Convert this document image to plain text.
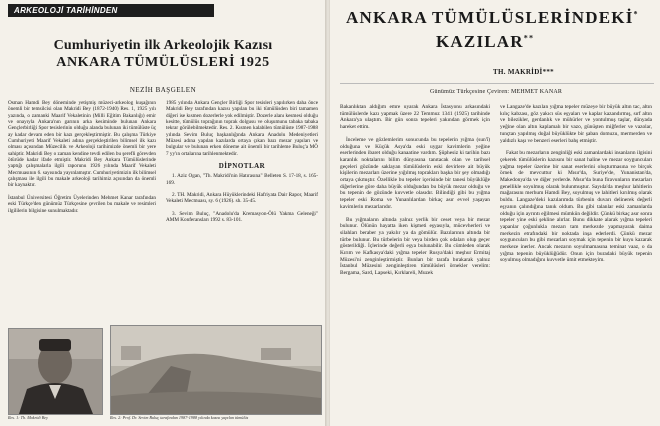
ARKEOLOJİ TARİHİNDEN
Cumhuriyetin ilk Arkeolojik Kazısı
ANKARA TÜMÜLÜSLERİ 1925
NEZİH BAŞGELEN

Osman Hamdi Bey döneminde yetişmiş müzeci-arkeolog kuşağının önemli bir temsilcisi olan Makridi Bey (1872-1940) Res. 1, 1925 yılı yazında, o zamanki Maarif Vekaletinin (Milli Eğitim Bakanlığı) emir ve onayıyla Ankara'nın garının arka kesiminde bulunan Ankara Gençlerbirliği Spor tesislerinin olduğu alanda bulunan iki tümülüste üç ay kadar devam eden bir kazı gerçekleştirmiştir. Bu çalışma Türkiye Cumhuriyeti Maarif Vekaleti adına gerçekleştirilen bilimsel ilk kazı olması açısından Müzecilik ve Arkeoloji tarihimizde önemli bir yere sahiptir. Makridi Bey o zaman kendine tevdi edilen bu şerefli görevden ötürüde kadar ifade etmiştir. Makridi Bey Ankara Tümülüslerinde yaptığı çalışmalarla ilgili raporunu 1926 yılında Maarif Vekaleti Mecmuasının 6. sayısında yayınlamıştır. Cumhuriyetimizin ilk bilimsel çalışması ile ilgili bu makale arkeoloji tarihimiz açısından da önemli bir kaynaktır.

İstanbul Üniversitesi Öğretim Üyelerinden Mehmet Kanar tarafından eski Türkçe'den günümüz Türkçesine çevrilen bu makale ve resimleri ilgililerin bilgisine sunulmaktadır.

1985 yılında Ankara Gençler Birliği Spor tesisleri yapılırken daha önce Makridi Bey tarafından kazısı yapılan bu iki tümülüsden biri tamamen diğeri ise kısmen dozerlerle yok edilmiştir. Dozerle alanı kesmesi olduğu kesitte, tümülüs toprağının toprak dolgusu ve oluşumunu tabaka tabaka tekrar görülebilmektedir. Res. 2. Kısmen kalabilen tümülüste 1987-1988 yılında Sevim Buluç başkanlığında Ankara Anadolu Medeniyetleri Müzesi adına yapılan kazılarda ortaya çıkan bazı mezar yapıları ve bulgular ve bulunan erken döneme ait önemli bir tarihleme Buluç'a MÖ 7 yy'ın ortalarına tarihlenmektedir.

DİPNOTLAR

1. Aziz Ogan, "Th. Makridi'nin Hatırasına" Belleten S. 17-18, s. 165-169.

2. TH. Makridi, Ankara Hüyüklerindeki Hafriyata Dair Rapor, Maarif Vekaleti Mecmuası, sy. 6 (1926). sh. 35-45.

3. Sevim Buluç, "Anadolu'da Kremasyon-Ölü Yakma Geleneği" AMM Konferansları 1992 s. 83-101.

Res. 1: Th. Makridi Bey	Res. 2: Prof. Dr. Sevim Buluç tarafından 1987-1988 yılında kazısı yapılan tümülüs
ANKARA TÜMÜLÜSLERİNDEKİ*
KAZILAR**
TH. MAKRİDİ***
Günümüz Türkçesine Çeviren: MEHMET KANAR

Bakanlıktan aldığım emre uyarak Ankara İstasyonu arkasındaki tümülüslerde kazı yapmak üzere 22 Temmuz 1341 (1925) tarihinde Ankara'ya ulaştım. Bir gün sonra tepeleri yakından görmek için hareket ettim.

İnceleme ve gözlemlerim sonucunda bu tepelerin yığma (sun'î) olduğuna ve Küçük Asya'da eski uygar kavimlerin yeğine eserlerinden ibaret olduğu kanaatine vardım. Şüphesiz ki tarihin bazı karanlık noktalarını bilim dünyasına tanıtacak olan ve tarihsel geçeleri gözünde saklayan tümülüslerin eski devirlere ait büyük kişilerin mezarları üzerine yığılmış toprakları başka bir şey olmadığı ortaya çıkmıştır. Özellikle bu tepeler içerisinde bir tanesi büyüklüğe diğerlerine göre daha büyük olduğundan bu büyük mezar olduğu ve bu tepenin de gözünde kuvvetle olasıdır. Bilindiği gibi bu yığma tepeler eski Roma ve Yunanlılardan birkaç asır evvel yaşayan kavimlerin mezarlarıdır.

Bu yığmaların altında yalnız yerlik bir ceset veya bir mezar bulunur. Ölünün hayatta iken kişmeti eşyasıyla, mücevherleri ve silahları beraber ya yakılır ya da gömülür. Bazılarının altında bir türbe bulunur. Bu türbelerin bir veya birden çok odaları olup geçer gösterildiği. İçlerinde değerli eşya bulunabilir. Bu cümleden olarak Kırım ve Kafkasya'daki yığma tepeler Rusya'daki meşhur Ermitaj Müzesi'ni zenginleştirmiştir. Bunları bir tarafa bırakarak yalnız İstanbul Müzesini zenginleştiren tümülüsleri örnekler verelim: Bergama, Sard, Lapseki, Kırklareli, Muzek

ve Langaze'de kazılan yığma tepeler müzeye bir büyük altın tac, altın kılıç kabzası, göz yakıcı süs eşyaları ve kaplar kazandırmış, sırf altın ve bilezikler, gerdanlık ve mühürler ve yontulmuş taşlar, dünyada yeğine olan altın kaplamalı bir vazo, günüşten miğferler ve vazolar, tunçtan yapılmış doğal büyüklükte bir şaban domuzu, mermerden ve yaldızlı kaşı ve benzeri eserleri bahş etmiştir.

Fakat bu mezarların zenginliği eski zamanlardaki insanların ilgisini çekerek tümülüslerin kazısını bir sanat haline ve mezar soyguncuları yağma tepeler üzerine bir sanat eserlerini oluşturmasına ve birçok örnek de mevcuttur ki Mısır'da, Suriye'de, Yunanistan'da, Makedonya'da ve diğer yerlerde. Mısır'da buna firavunların mezarları genellikle soyulmuş olarak bulunmuştur. Sayıda'da meşhur lahitlerin mağarasını merhum Hamdi Bey, soyulmuş ve lahitleri kırılmış olarak buldu. Langaze'deki kazılarımda türbenin duvarı delinerek değerli eşyanın çalındığına tanık oldum. Bu gibi talanlar eski zamanlarda olduğu için ayrıntı eğilmesi mümkün değildir. Çünkü birkaç asır sonra tepeler yine eski şekline alırlar. Bunu dikkate alarak yığma tepeleri yapanlar çoğunlukla mezarı tam merkezde yapmayarak daima merkezin etrafındaki bir noktada inşa ederlerdi. Çünkü mezar soyguncuları bu gibi mezarları soymak için tepenin bir kuyu kazarak merkeze inerler. Ancak mezarın soyulmamasına teminat vaaz, o da yığma tepenin büyüklüğüdür. Onun için buradaki büyük tepenin soyulmuş olmadığını kuvvetle ümit etmekteyim.
